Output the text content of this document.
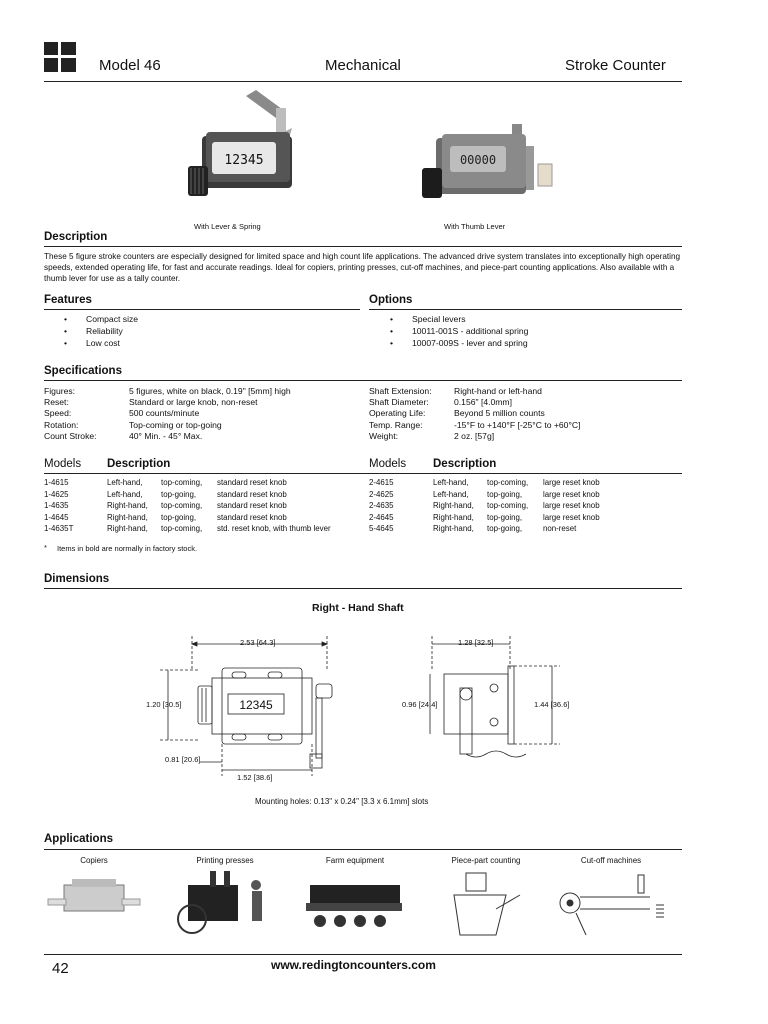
Model 46	Mechanical	Stroke Counter
12345
With Lever & Spring
00000
With Thumb Lever
Description
These 5 figure stroke counters are especially designed for limited space and high count life applications. The advanced drive system translates into exceptionally high operating speeds, extended operating life, for fast and accurate readings. Ideal for copiers, printing presses, cut-off machines, and piece-part counting applications. Also available with a thumb lever for use as a tally counter.
Features
• Compact size
• Reliability
• Low cost
Options
• Special levers
• 10011-001S - additional spring
• 10007-009S - lever and spring
Specifications
Figures:	5 figures, white on black, 0.19" [5mm] high
Reset:	Standard or large knob, non-reset
Speed:	500 counts/minute
Rotation:	Top-coming or top-going
Count Stroke:	40° Min. - 45° Max.
Shaft Extension:	Right-hand or left-hand
Shaft Diameter:	0.156" [4.0mm]
Operating Life:	Beyond 5 million counts
Temp. Range:	-15°F to +140°F [-25°C to +60°C]
Weight:	2 oz. [57g]
Models Description	Models Description
1-4615	Left-hand,	top-coming,	standard reset knob
1-4625	Left-hand,	top-going,	standard reset knob
1-4635	Right-hand,	top-coming,	standard reset knob
1-4645	Right-hand,	top-going,	standard reset knob
1-4635T	Right-hand,	top-coming,	std. reset knob, with thumb lever
2-4615	Left-hand,	top-coming,	large reset knob
2-4625	Left-hand,	top-going,	large reset knob
2-4635	Right-hand,	top-coming,	large reset knob
2-4645	Right-hand,	top-going,	large reset knob
5-4645	Right-hand,	top-going,	non-reset
* Items in bold are normally in factory stock.
Dimensions
Right - Hand Shaft
12345
2.53 [64.3]
1.20 [30.5]
0.81 [20.6]
1.52 [38.6]
1.28 [32.5]
0.96 [24.4]	1.44 [36.6]
Mounting holes: 0.13" x 0.24" [3.3 x 6.1mm] slots
Applications
Copiers	Printing presses	Farm equipment	Piece-part counting	Cut-off machines
42	www.redingtoncounters.com
